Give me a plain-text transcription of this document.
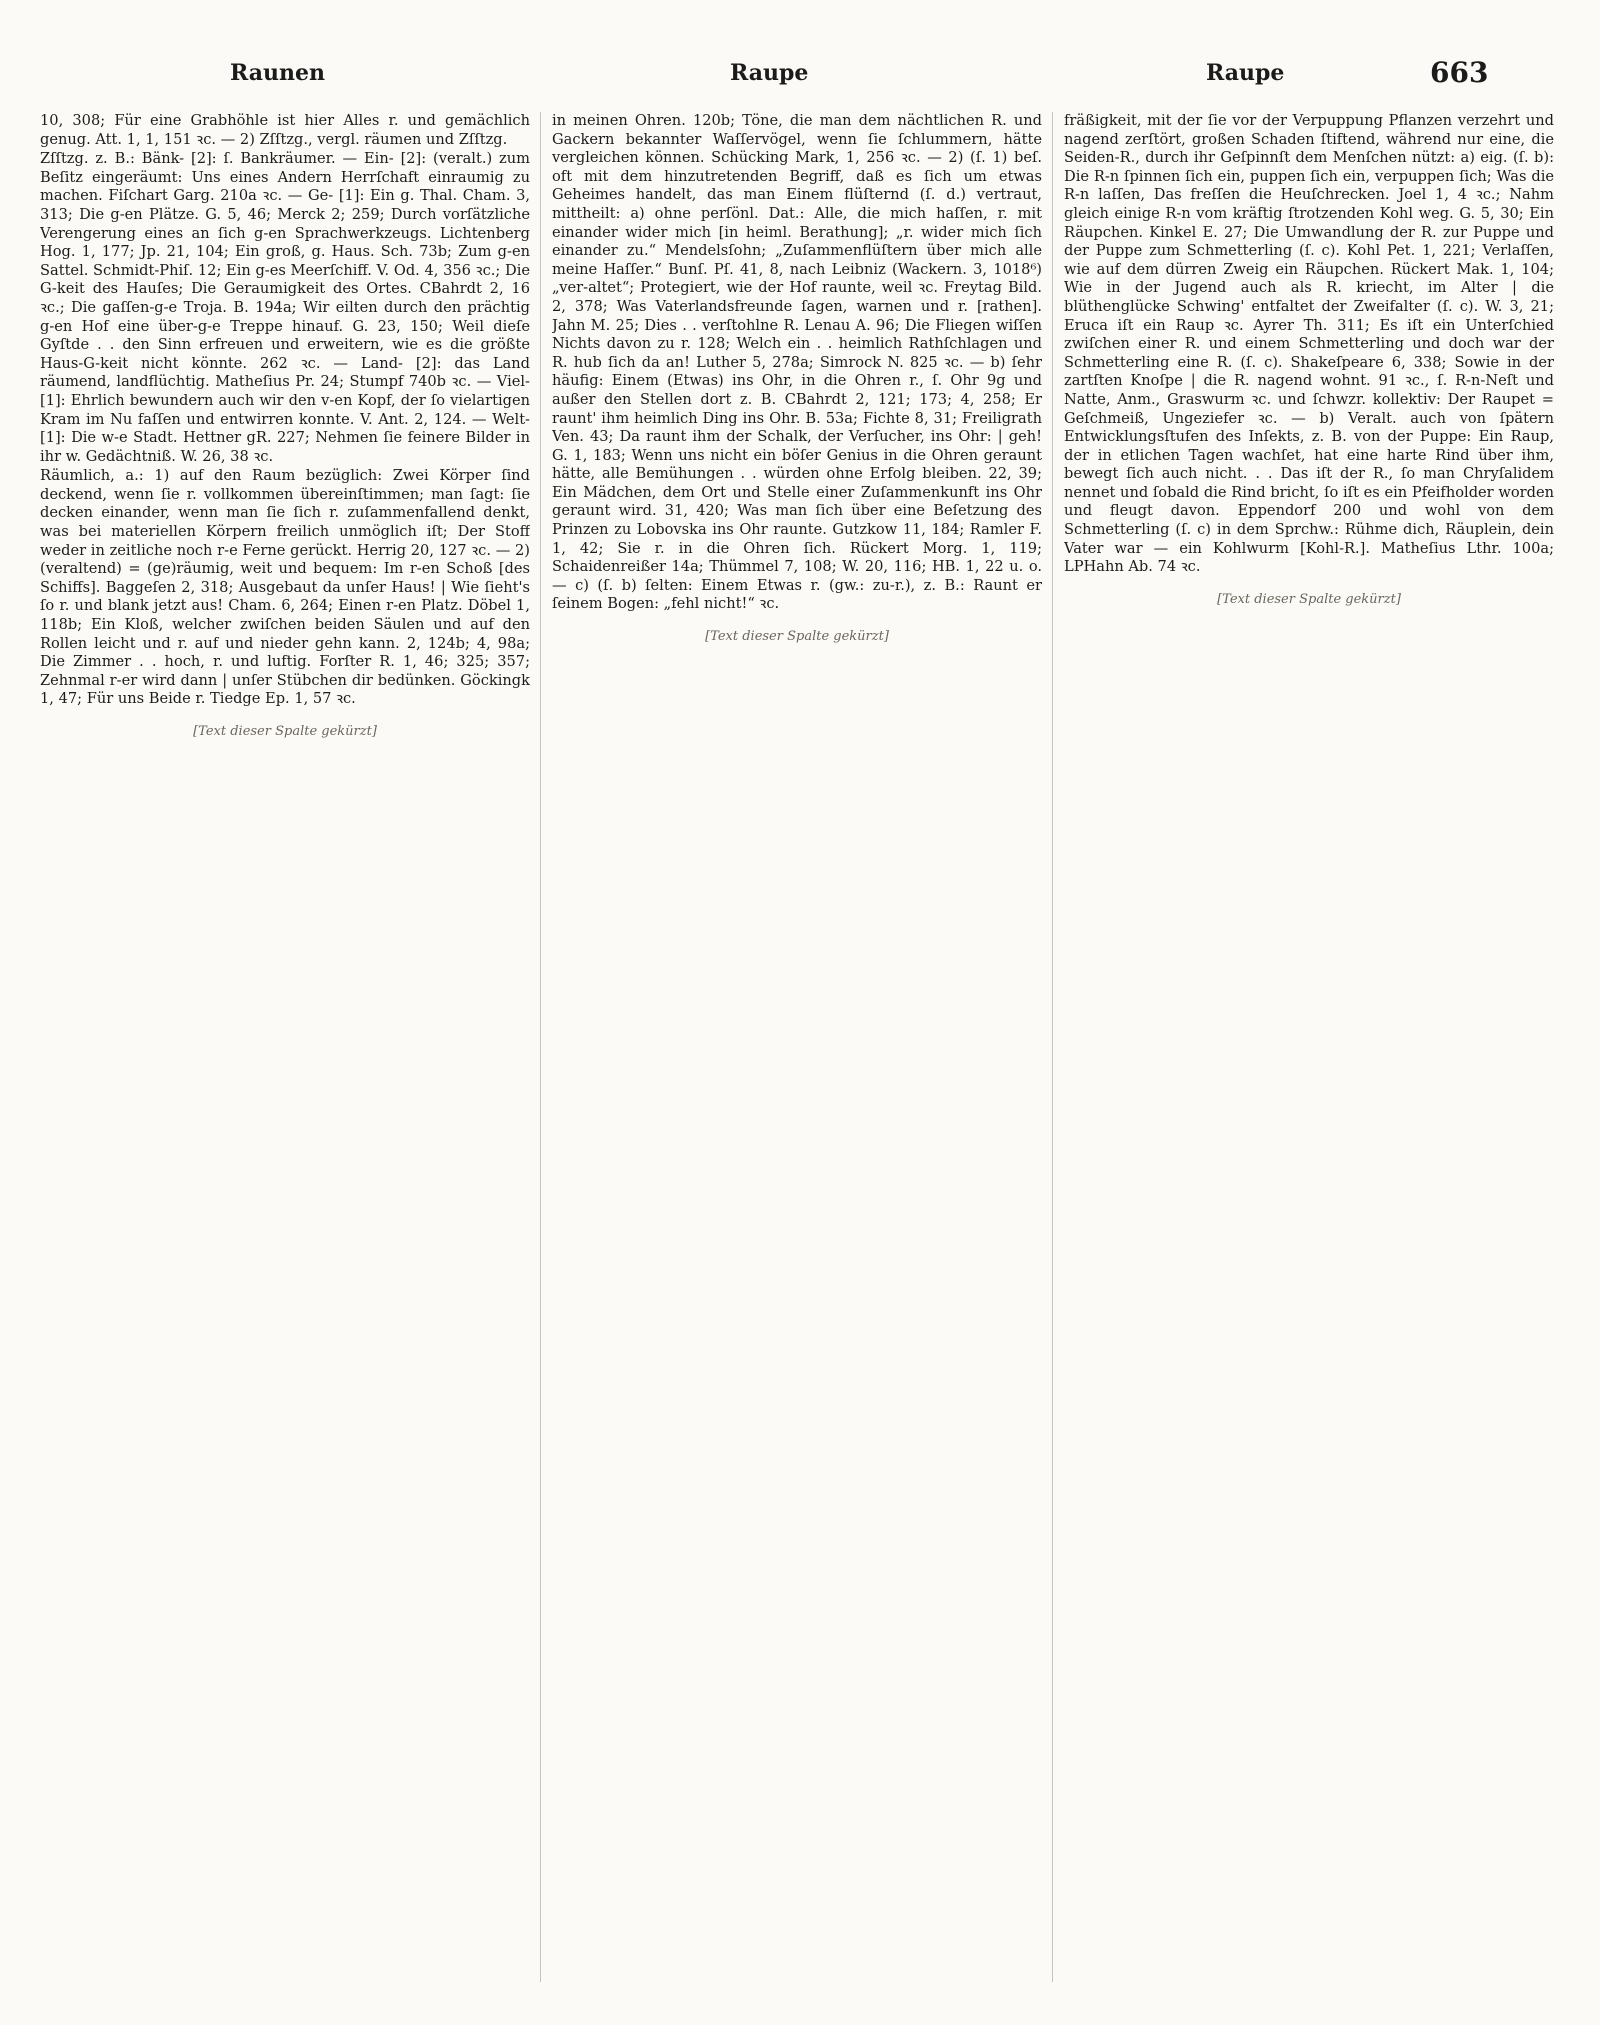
Raunen	Raupe	Raupe	663

10, 308; Für eine Grabhöhle ist hier Alles r. und gemächlich genug. Att. 1, 1, 151 ꝛc. — 2) Zſſtzg., vergl. räumen und Zſſtzg.

Zſſtzg. z. B.: Bänk- [2]: ſ. Bankräumer. — Ein- [2]: (veralt.) zum Beſitz eingeräumt: Uns eines Andern Herrſchaft einraumig zu machen. Fiſchart Garg. 210a ꝛc. — Ge- [1]: Ein g. Thal. Cham. 3, 313; Die g-en Plätze. G. 5, 46; Merck 2; 259; Durch vorſätzliche Verengerung eines an ſich g-en Sprachwerkzeugs. Lichtenberg Hog. 1, 177; Jp. 21, 104; Ein groß, g. Haus. Sch. 73b; Zum g-en Sattel. Schmidt-Phiſ. 12; Ein g-es Meerſchiff. V. Od. 4, 356 ꝛc.; Die G-keit des Hauſes; Die Geraumigkeit des Ortes. CBahrdt 2, 16 ꝛc.; Die gaſſen-g-e Troja. B. 194a; Wir eilten durch den prächtig g-en Hof eine über-g-e Treppe hinauf. G. 23, 150; Weil dieſe Gyſtde . . den Sinn erfreuen und erweitern, wie es die größte Haus-G-keit nicht könnte. 262 ꝛc. — Land- [2]: das Land räumend, landflüchtig. Matheſius Pr. 24; Stumpf 740b ꝛc. — Viel- [1]: Ehrlich bewundern auch wir den v-en Kopf, der ſo vielartigen Kram im Nu faſſen und entwirren konnte. V. Ant. 2, 124. — Welt- [1]: Die w-e Stadt. Hettner gR. 227; Nehmen ſie feinere Bilder in ihr w. Gedächtniß. W. 26, 38 ꝛc.

Räumlich, a.: 1) auf den Raum bezüglich: Zwei Körper ſind deckend, wenn ſie r. vollkommen übereinſtimmen; man ſagt: ſie decken einander, wenn man ſie ſich r. zuſammenfallend denkt, was bei materiellen Körpern freilich unmöglich iſt; Der Stoff weder in zeitliche noch r-e Ferne gerückt. Herrig 20, 127 ꝛc. — 2) (veraltend) = (ge)räumig, weit und bequem: Im r-en Schoß [des Schiffs]. Baggeſen 2, 318; Ausgebaut da unſer Haus! | Wie ſieht's ſo r. und blank jetzt aus! Cham. 6, 264; Einen r-en Platz. Döbel 1, 118b; Ein Kloß, welcher zwiſchen beiden Säulen und auf den Rollen leicht und r. auf und nieder gehn kann. 2, 124b; 4, 98a; Die Zimmer . . hoch, r. und luftig. Forſter R. 1, 46; 325; 357; Zehnmal r-er wird dann | unſer Stübchen dir bedünken. Göckingk 1, 47; Für uns Beide r. Tiedge Ep. 1, 57 ꝛc.

[Text dieser Spalte gekürzt]

in meinen Ohren. 120b; Töne, die man dem nächtlichen R. und Gackern bekannter Waſſervögel, wenn ſie ſchlummern, hätte vergleichen können. Schücking Mark, 1, 256 ꝛc. — 2) (ſ. 1) beſ. oft mit dem hinzutretenden Begriff, daß es ſich um etwas Geheimes handelt, das man Einem flüſternd (ſ. d.) vertraut, mittheilt: a) ohne perſönl. Dat.: Alle, die mich haſſen, r. mit einander wider mich [in heiml. Berathung]; „r. wider mich ſich einander zu.“ Mendelsſohn; „Zuſammenflüſtern über mich alle meine Haſſer.“ Bunſ. Pſ. 41, 8, nach Leibniz (Wackern. 3, 1018⁶) „ver-altet“; Protegiert, wie der Hof raunte, weil ꝛc. Freytag Bild. 2, 378; Was Vaterlandsfreunde ſagen, warnen und r. [rathen]. Jahn M. 25; Dies . . verſtohlne R. Lenau A. 96; Die Fliegen wiſſen Nichts davon zu r. 128; Welch ein . . heimlich Rathſchlagen und R. hub ſich da an! Luther 5, 278a; Simrock N. 825 ꝛc. — b) ſehr häufig: Einem (Etwas) ins Ohr, in die Ohren r., ſ. Ohr 9g und außer den Stellen dort z. B. CBahrdt 2, 121; 173; 4, 258; Er raunt' ihm heimlich Ding ins Ohr. B. 53a; Fichte 8, 31; Freiligrath Ven. 43; Da raunt ihm der Schalk, der Verſucher, ins Ohr: | geh! G. 1, 183; Wenn uns nicht ein böſer Genius in die Ohren geraunt hätte, alle Bemühungen . . würden ohne Erfolg bleiben. 22, 39; Ein Mädchen, dem Ort und Stelle einer Zuſammenkunft ins Ohr geraunt wird. 31, 420; Was man ſich über eine Beſetzung des Prinzen zu Lobovska ins Ohr raunte. Gutzkow 11, 184; Ramler F. 1, 42; Sie r. in die Ohren ſich. Rückert Morg. 1, 119; Schaidenreißer 14a; Thümmel 7, 108; W. 20, 116; HB. 1, 22 u. o. — c) (ſ. b) ſelten: Einem Etwas r. (gw.: zu-r.), z. B.: Raunt er ſeinem Bogen: „fehl nicht!“ ꝛc.

[Text dieser Spalte gekürzt]

fräßigkeit, mit der ſie vor der Verpuppung Pflanzen verzehrt und nagend zerſtört, großen Schaden ſtiftend, während nur eine, die Seiden-R., durch ihr Geſpinnſt dem Menſchen nützt: a) eig. (ſ. b): Die R-n ſpinnen ſich ein, puppen ſich ein, verpuppen ſich; Was die R-n laſſen, Das freſſen die Heuſchrecken. Joel 1, 4 ꝛc.; Nahm gleich einige R-n vom kräftig ſtrotzenden Kohl weg. G. 5, 30; Ein Räupchen. Kinkel E. 27; Die Umwandlung der R. zur Puppe und der Puppe zum Schmetterling (ſ. c). Kohl Pet. 1, 221; Verlaſſen, wie auf dem dürren Zweig ein Räupchen. Rückert Mak. 1, 104; Wie in der Jugend auch als R. kriecht, im Alter | die blüthenglücke Schwing' entfaltet der Zweifalter (ſ. c). W. 3, 21; Eruca iſt ein Raup ꝛc. Ayrer Th. 311; Es iſt ein Unterſchied zwiſchen einer R. und einem Schmetterling und doch war der Schmetterling eine R. (ſ. c). Shakeſpeare 6, 338; Sowie in der zartſten Knoſpe | die R. nagend wohnt. 91 ꝛc., ſ. R-n-Neſt und Natte, Anm., Graswurm ꝛc. und ſchwzr. kollektiv: Der Raupet = Geſchmeiß, Ungeziefer ꝛc. — b) Veralt. auch von ſpätern Entwicklungsſtufen des Inſekts, z. B. von der Puppe: Ein Raup, der in etlichen Tagen wachſet, hat eine harte Rind über ihm, bewegt ſich auch nicht. . . Das iſt der R., ſo man Chryſalidem nennet und ſobald die Rind bricht, ſo iſt es ein Pfeifholder worden und fleugt davon. Eppendorf 200 und wohl von dem Schmetterling (ſ. c) in dem Sprchw.: Rühme dich, Räuplein, dein Vater war — ein Kohlwurm [Kohl-R.]. Matheſius Lthr. 100a; LPHahn Ab. 74 ꝛc.

[Text dieser Spalte gekürzt]
